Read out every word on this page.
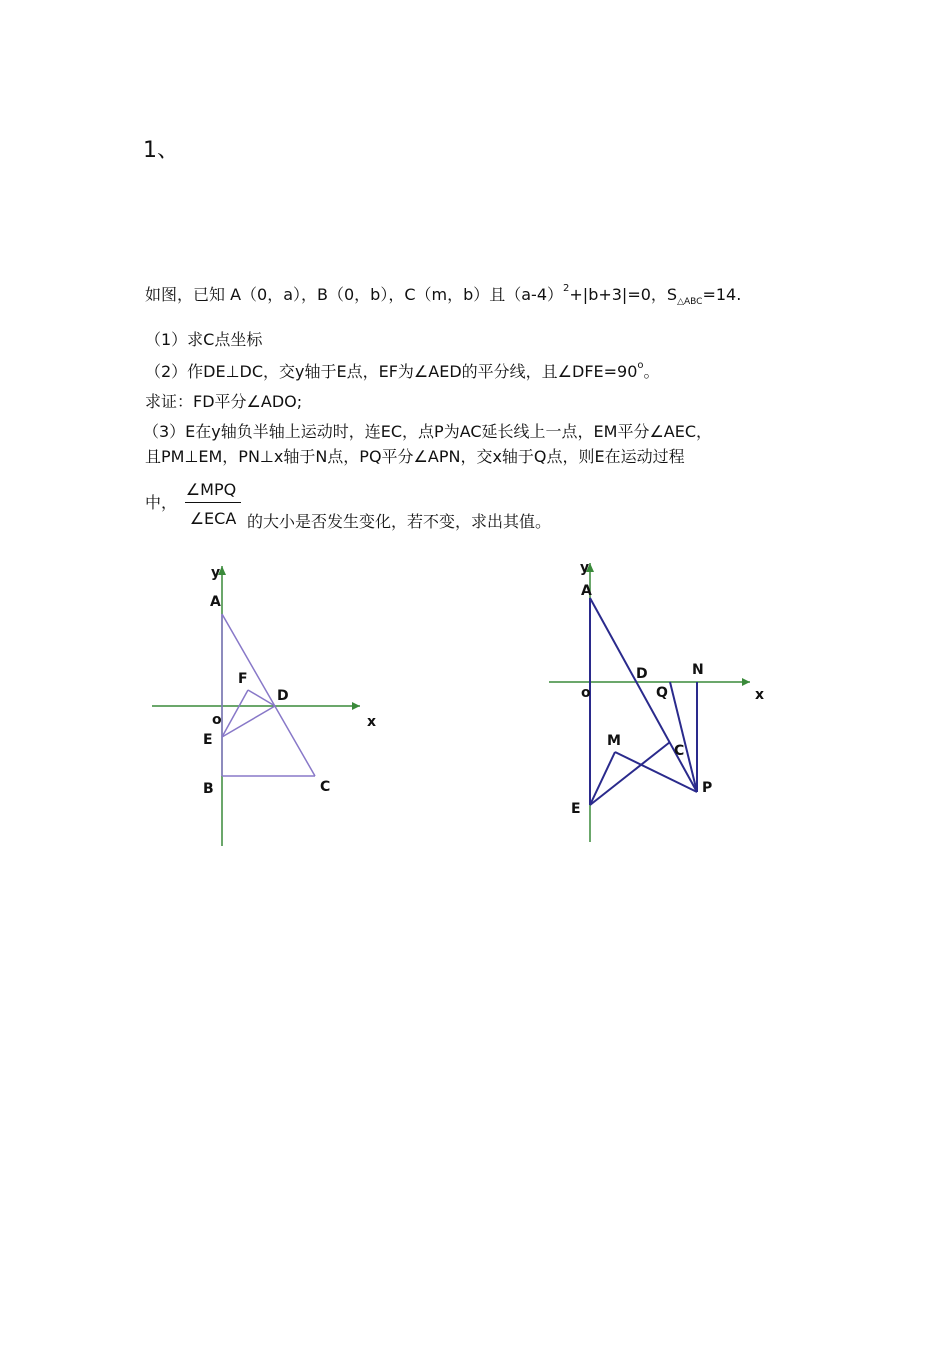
1、
如图，已知 A（0，a），B（0，b），C（m，b）且$(a-4)^2+|b+3|=0$，$S_{\triangle ABC}=14$.
（1）求C点坐标
（2）作DE⊥DC，交y轴于E点，EF为∠AED的平分线，且$\angle DFE=90^o$。
求证：FD平分∠ADO;
（3）E在y轴负半轴上运动时，连EC，点P为AC延长线上一点，EM平分∠AEC，
且PM⊥EM，PN⊥x轴于N点，PQ平分∠APN，交x轴于Q点，则E在运动过程
中，
∠MPQ
∠ECA 的大小是否发生变化，若不变，求出其值。
y
x
A
F
D
o
E
B	C
y
x
A
D	N
o	Q
M
C
E
P
